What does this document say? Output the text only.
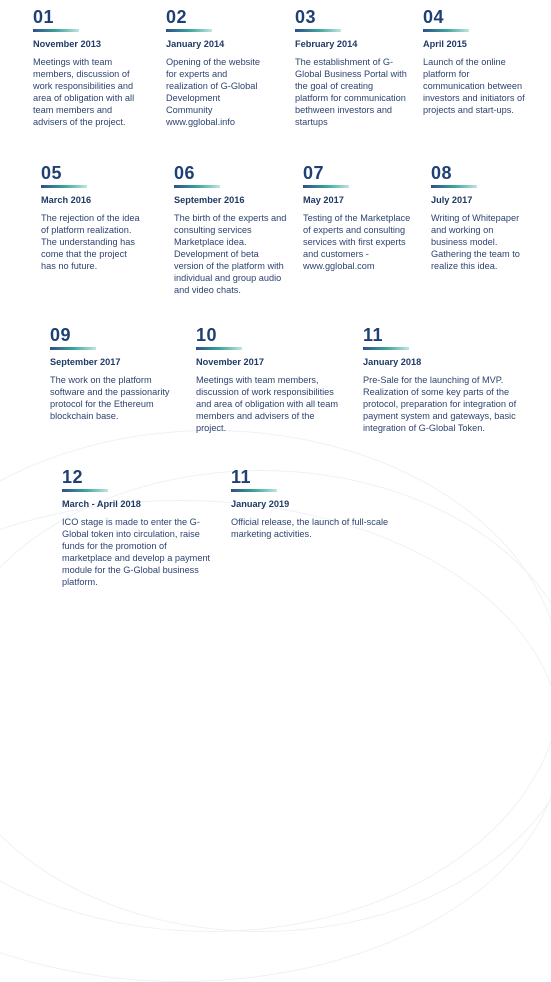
01
November 2013
Meetings with team members, discussion of work responsibilities and area of obligation with all team members and advisers of the project.
02
January 2014
Opening of the website for experts and realization of G-Global Development Community www.gglobal.info
03
February 2014
The establishment of G-Global Business Portal with the goal of creating platform for communication bethween investors and startups
04
April 2015
Launch of the online platform for communication between investors and initiators of projects and start-ups.
05
March 2016
The rejection of the idea of platform realization. The understanding has come that the project has no future.
06
September 2016
The birth of the experts and consulting services Marketplace idea. Development of beta version of the platform with individual and group audio and video chats.
07
May 2017
Testing of the Marketplace of experts and consulting services with first experts and customers - www.gglobal.com
08
July 2017
Writing of Whitepaper and working on business model. Gathering the team to realize this idea.
09
September 2017
The work on the platform software and the passionarity protocol for the Ethereum blockchain base.
10
November 2017
Meetings with team members, discussion of work responsibilities and area of obligation with all team members and advisers of the project.
11
January 2018
Pre-Sale for the launching of MVP. Realization of some key parts of the protocol, preparation for integration of payment system and gateways, basic integration of G-Global Token.
12
March - April 2018
ICO stage is made to enter the G-Global token into circulation, raise funds for the promotion of marketplace and develop a payment module for the G-Global business platform.
11
January 2019
Official release, the launch of full-scale marketing activities.
